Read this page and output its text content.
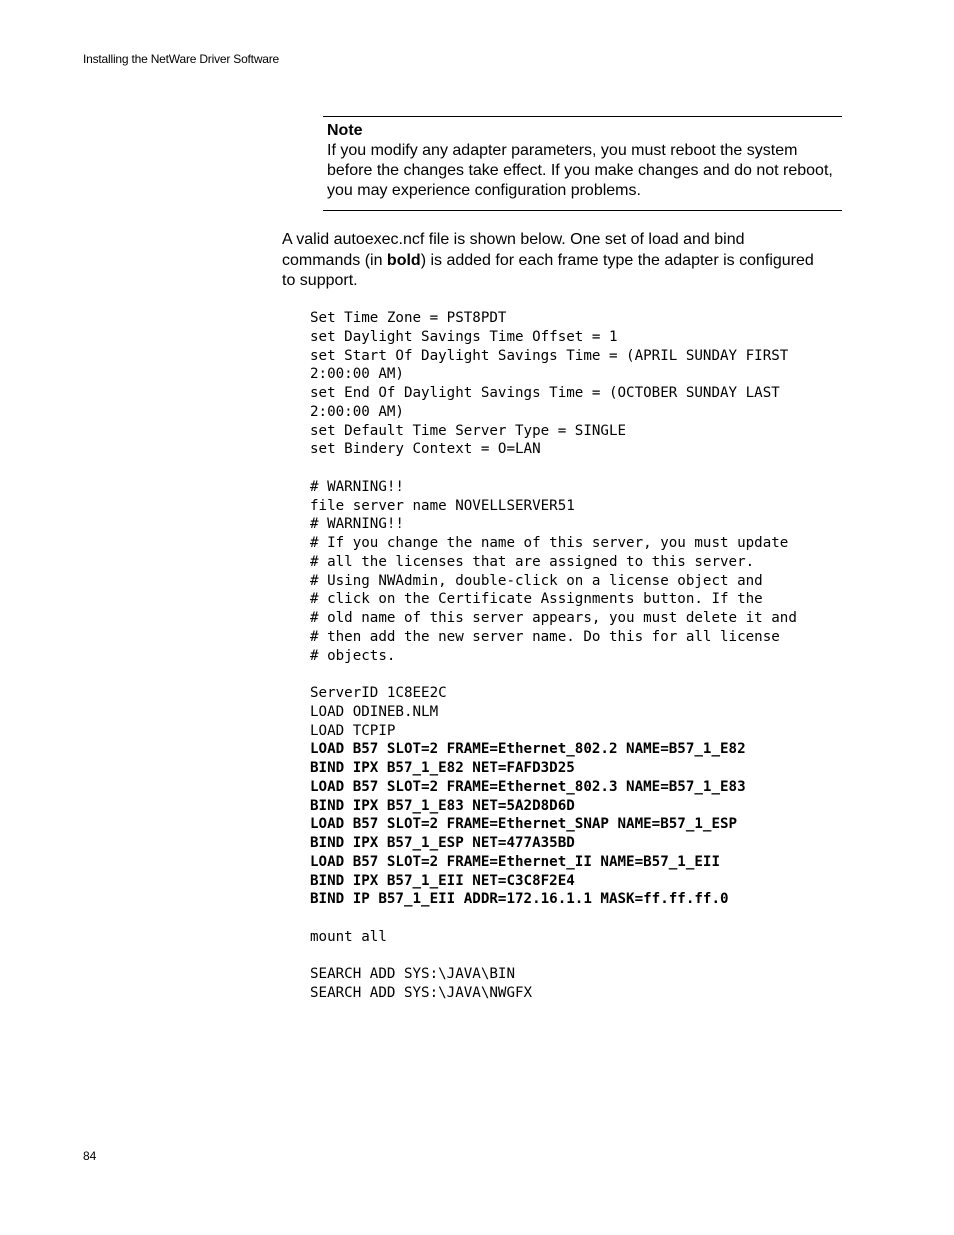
Installing the NetWare Driver Software
Note
If you modify any adapter parameters, you must reboot the system before the changes take effect. If you make changes and do not reboot, you may experience configuration problems.
A valid autoexec.ncf file is shown below. One set of load and bind commands (in bold) is added for each frame type the adapter is configured to support.
Set Time Zone = PST8PDT
set Daylight Savings Time Offset = 1
set Start Of Daylight Savings Time = (APRIL SUNDAY FIRST
2:00:00 AM)
set End Of Daylight Savings Time = (OCTOBER SUNDAY LAST
2:00:00 AM)
set Default Time Server Type = SINGLE
set Bindery Context = O=LAN
# WARNING!!
file server name NOVELLSERVER51
# WARNING!!
# If you change the name of this server, you must update
# all the licenses that are assigned to this server.
# Using NWAdmin, double-click on a license object and
# click on the Certificate Assignments button. If the
# old name of this server appears, you must delete it and
# then add the new server name. Do this for all license
# objects.
ServerID 1C8EE2C
LOAD ODINEB.NLM
LOAD TCPIP
LOAD B57 SLOT=2 FRAME=Ethernet_802.2 NAME=B57_1_E82
BIND IPX B57_1_E82 NET=FAFD3D25
LOAD B57 SLOT=2 FRAME=Ethernet_802.3 NAME=B57_1_E83
BIND IPX B57_1_E83 NET=5A2D8D6D
LOAD B57 SLOT=2 FRAME=Ethernet_SNAP NAME=B57_1_ESP
BIND IPX B57_1_ESP NET=477A35BD
LOAD B57 SLOT=2 FRAME=Ethernet_II NAME=B57_1_EII
BIND IPX B57_1_EII NET=C3C8F2E4
BIND IP B57_1_EII ADDR=172.16.1.1 MASK=ff.ff.ff.0
mount all
SEARCH ADD SYS:\JAVA\BIN
SEARCH ADD SYS:\JAVA\NWGFX
84
